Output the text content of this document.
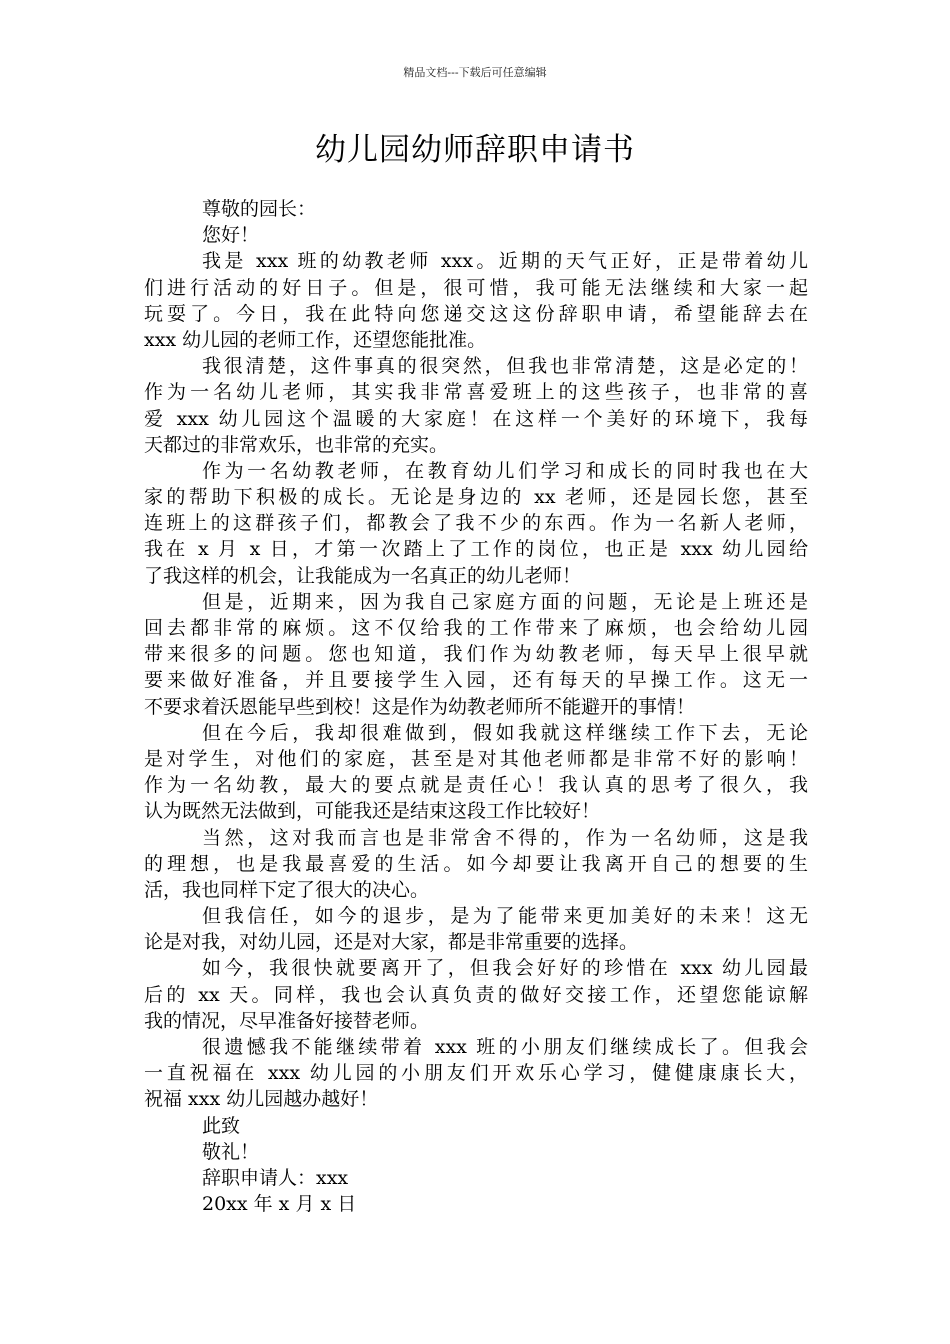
精品文档---下载后可任意编辑
幼儿园幼师辞职申请书
尊敬的园长：
您好！
我是 xxx 班的幼教老师 xxx。近期的天气正好，正是带着幼儿
们进行活动的好日子。但是，很可惜，我可能无法继续和大家一起
玩耍了。今日，我在此特向您递交这这份辞职申请，希望能辞去在
xxx 幼儿园的老师工作，还望您能批准。
我很清楚，这件事真的很突然，但我也非常清楚，这是必定的！
作为一名幼儿老师，其实我非常喜爱班上的这些孩子，也非常的喜
爱 xxx 幼儿园这个温暖的大家庭！在这样一个美好的环境下，我每
天都过的非常欢乐，也非常的充实。
作为一名幼教老师，在教育幼儿们学习和成长的同时我也在大
家的帮助下积极的成长。无论是身边的 xx 老师，还是园长您，甚至
连班上的这群孩子们，都教会了我不少的东西。作为一名新人老师，
我在 x 月 x 日，才第一次踏上了工作的岗位，也正是 xxx 幼儿园给
了我这样的机会，让我能成为一名真正的幼儿老师！
但是，近期来，因为我自己家庭方面的问题，无论是上班还是
回去都非常的麻烦。这不仅给我的工作带来了麻烦，也会给幼儿园
带来很多的问题。您也知道，我们作为幼教老师，每天早上很早就
要来做好准备，并且要接学生入园，还有每天的早操工作。这无一
不要求着沃恩能早些到校！这是作为幼教老师所不能避开的事情！
但在今后，我却很难做到，假如我就这样继续工作下去，无论
是对学生，对他们的家庭，甚至是对其他老师都是非常不好的影响！
作为一名幼教，最大的要点就是责任心！我认真的思考了很久，我
认为既然无法做到，可能我还是结束这段工作比较好！
当然，这对我而言也是非常舍不得的，作为一名幼师，这是我
的理想，也是我最喜爱的生活。如今却要让我离开自己的想要的生
活，我也同样下定了很大的决心。
但我信任，如今的退步，是为了能带来更加美好的未来！这无
论是对我，对幼儿园，还是对大家，都是非常重要的选择。
如今，我很快就要离开了，但我会好好的珍惜在 xxx 幼儿园最
后的 xx 天。同样，我也会认真负责的做好交接工作，还望您能谅解
我的情况，尽早准备好接替老师。
很遗憾我不能继续带着 xxx 班的小朋友们继续成长了。但我会
一直祝福在 xxx 幼儿园的小朋友们开欢乐心学习，健健康康长大，
祝福 xxx 幼儿园越办越好！
此致
敬礼！
辞职申请人：xxx
20xx 年 x 月 x 日
